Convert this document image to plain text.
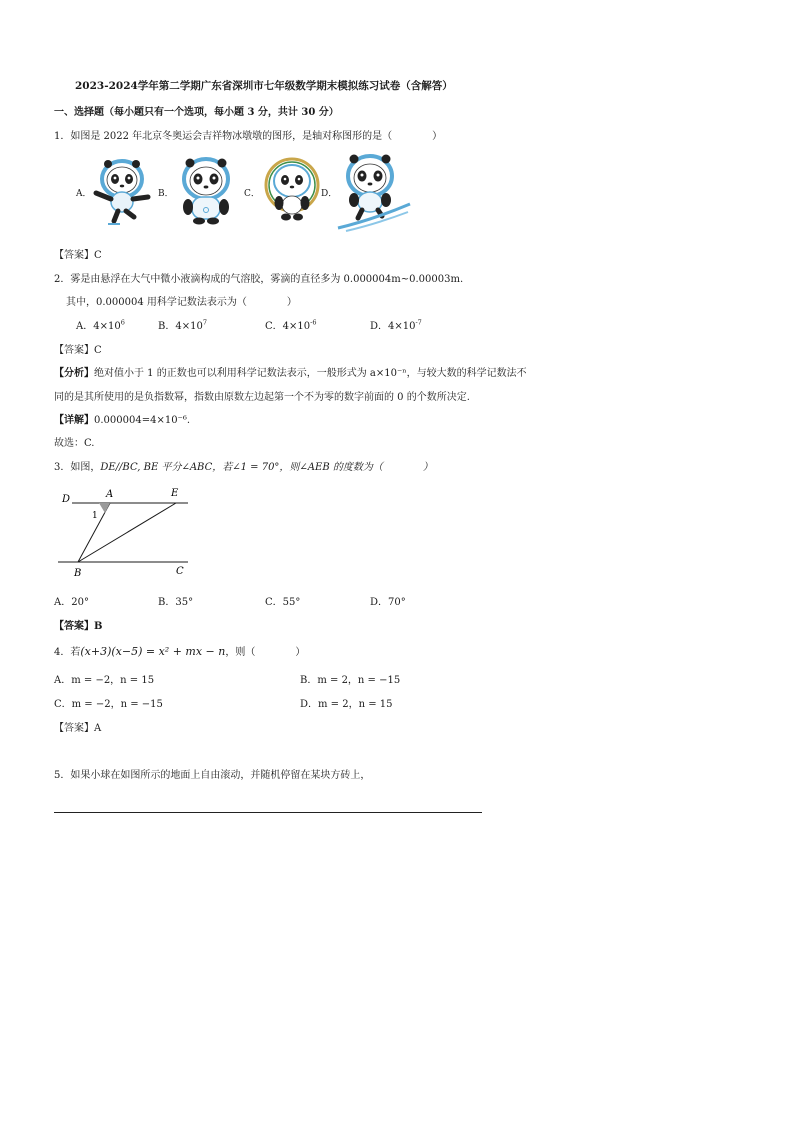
2023-2024学年第二学期广东省深圳市七年级数学期末模拟练习试卷（含解答）
一、选择题（每小题只有一个选项，每小题 3 分，共计 30 分）
1．如图是 2022 年北京冬奥运会吉祥物冰墩墩的图形，是轴对称图形的是（　　　　）
A．	B．	C．	D．
【答案】C
2．雾是由悬浮在大气中微小液滴构成的气溶胶，雾滴的直径多为 0.000004m~0.00003m.
其中，0.000004 用科学记数法表示为（　　　　）
A．$4\times 10^6$	B．$4\times 10^7$	C．$4\times 10^{-6}$	D．$4\times 10^{-7}$
【答案】C
【分析】绝对值小于 1 的正数也可以利用科学记数法表示，一般形式为 a×10⁻ⁿ，与较大数的科学记数法不
同的是其所使用的是负指数幂，指数由原数左边起第一个不为零的数字前面的 0 的个数所决定.
【详解】0.000004=4×10⁻⁶.
故选：C.
3．如图，DE//BC, BE 平分∠ABC，若∠1 = 70°，则∠AEB 的度数为（　　　　）
D	A	E
1
B	C
A．20°	B．35°	C．55°	D．70°
【答案】B
4．若(x+3)(x−5) = x² + mx − n，则（　　　　）
A．m = −2，n = 15	B．m = 2，n = −15
C．m = −2，n = −15	D．m = 2，n = 15
【答案】A
5．如果小球在如图所示的地面上自由滚动，并随机停留在某块方砖上，
